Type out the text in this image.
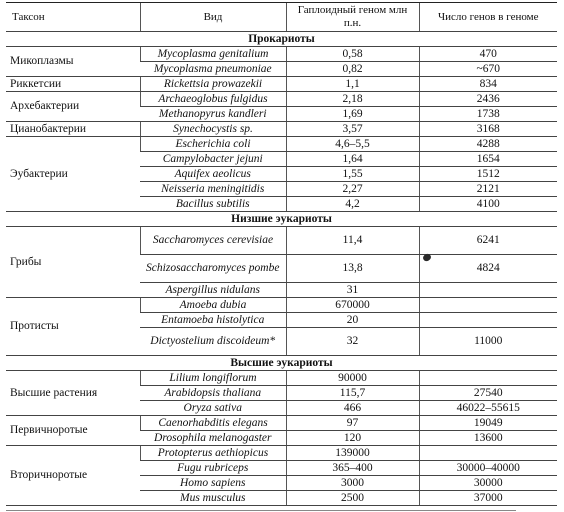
Таксон	Вид	Гаплоидный геном млн п.н.	Число генов в геноме
Прокариоты			
Микоплазмы	Mycoplasma genitalium	0,58	470
	Mycoplasma pneumoniae	0,82	~670
Риккетсии	Rickettsia prowazekii	1,1	834
Архебактерии	Archaeoglobus fulgidus	2,18	2436
	Methanopyrus kandleri	1,69	1738
Цианобактерии	Synechocystis sp.	3,57	3168
Эубактерии	Escherichia coli	4,6–5,5	4288
	Campylobacter jejuni	1,64	1654
	Aquifex aeolicus	1,55	1512
	Neisseria meningitidis	2,27	2121
	Bacillus subtilis	4,2	4100
Низшие эукариоты			
Грибы	Saccharomyces cerevisiae	11,4	6241
	Schizosaccharomyces pombe	13,8	4824
	Aspergillus nidulans	31	
Протисты	Amoeba dubia	670000	
	Entamoeba histolytica	20	
	Dictyostelium discoideum*	32	11000
Высшие эукариоты			
Высшие растения	Lilium longiflorum	90000	
	Arabidopsis thaliana	115,7	27540
	Oryza sativa	466	46022–55615
Первичноротые	Caenorhabditis elegans	97	19049
	Drosophila melanogaster	120	13600
Вторичноротые	Protopterus aethiopicus	139000	
	Fugu rubriceps	365–400	30000–40000
	Homo sapiens	3000	30000
	Mus musculus	2500	37000
